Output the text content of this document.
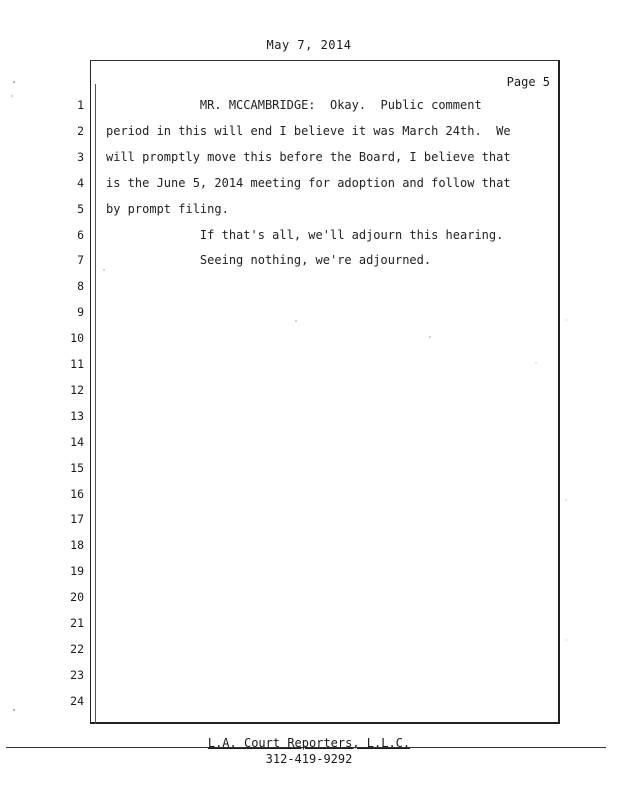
May 7, 2014
Page 5
1 MR. MCCAMBRIDGE:  Okay.  Public comment
2 period in this will end I believe it was March 24th.  We
3 will promptly move this before the Board, I believe that
4 is the June 5, 2014 meeting for adoption and follow that
5 by prompt filing.
6 If that's all, we'll adjourn this hearing.
7 Seeing nothing, we're adjourned.
8
9
10
11
12
13
14
15
16
17
18
19
20
21
22
23
24
L.A. Court Reporters, L.L.C.
312-419-9292
